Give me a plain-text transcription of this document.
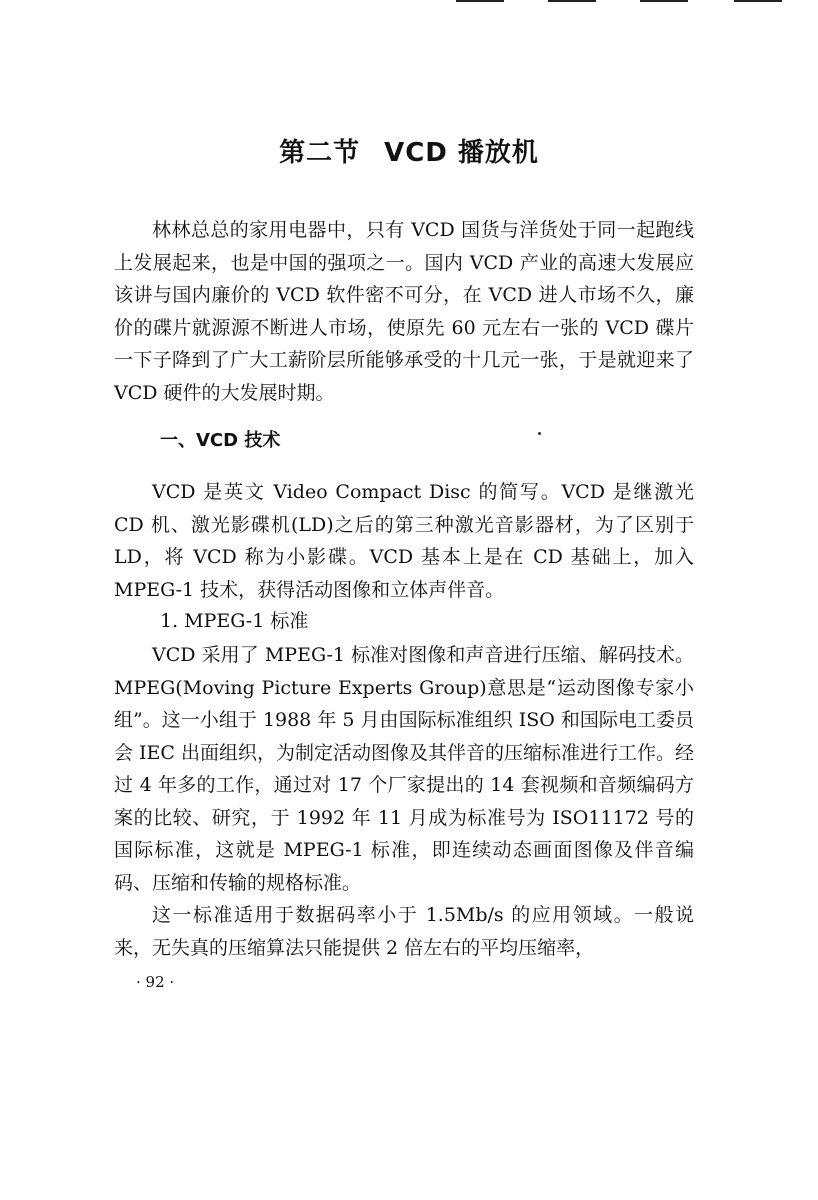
第二节 VCD 播放机

林林总总的家用电器中，只有 VCD 国货与洋货处于同一起跑线上发展起来，也是中国的强项之一。国内 VCD 产业的高速大发展应该讲与国内廉价的 VCD 软件密不可分，在 VCD 进人市场不久，廉价的碟片就源源不断进人市场，使原先 60 元左右一张的 VCD 碟片一下子降到了广大工薪阶层所能够承受的十几元一张，于是就迎来了 VCD 硬件的大发展时期。

一、VCD 技术

VCD 是英文 Video Compact Disc 的简写。VCD 是继激光 CD 机、激光影碟机(LD)之后的第三种激光音影器材，为了区别于 LD，将 VCD 称为小影碟。VCD 基本上是在 CD 基础上，加入 MPEG-1 技术，获得活动图像和立体声伴音。

1. MPEG-1 标准

VCD 采用了 MPEG-1 标准对图像和声音进行压缩、解码技术。MPEG(Moving Picture Experts Group)意思是“运动图像专家小组”。这一小组于 1988 年 5 月由国际标准组织 ISO 和国际电工委员会 IEC 出面组织，为制定活动图像及其伴音的压缩标准进行工作。经过 4 年多的工作，通过对 17 个厂家提出的 14 套视频和音频编码方案的比较、研究，于 1992 年 11 月成为标准号为 ISO11172 号的国际标准，这就是 MPEG-1 标准，即连续动态画面图像及伴音编码、压缩和传输的规格标准。

这一标准适用于数据码率小于 1.5Mb/s 的应用领域。一般说来，无失真的压缩算法只能提供 2 倍左右的平均压缩率，

· 92 ·
